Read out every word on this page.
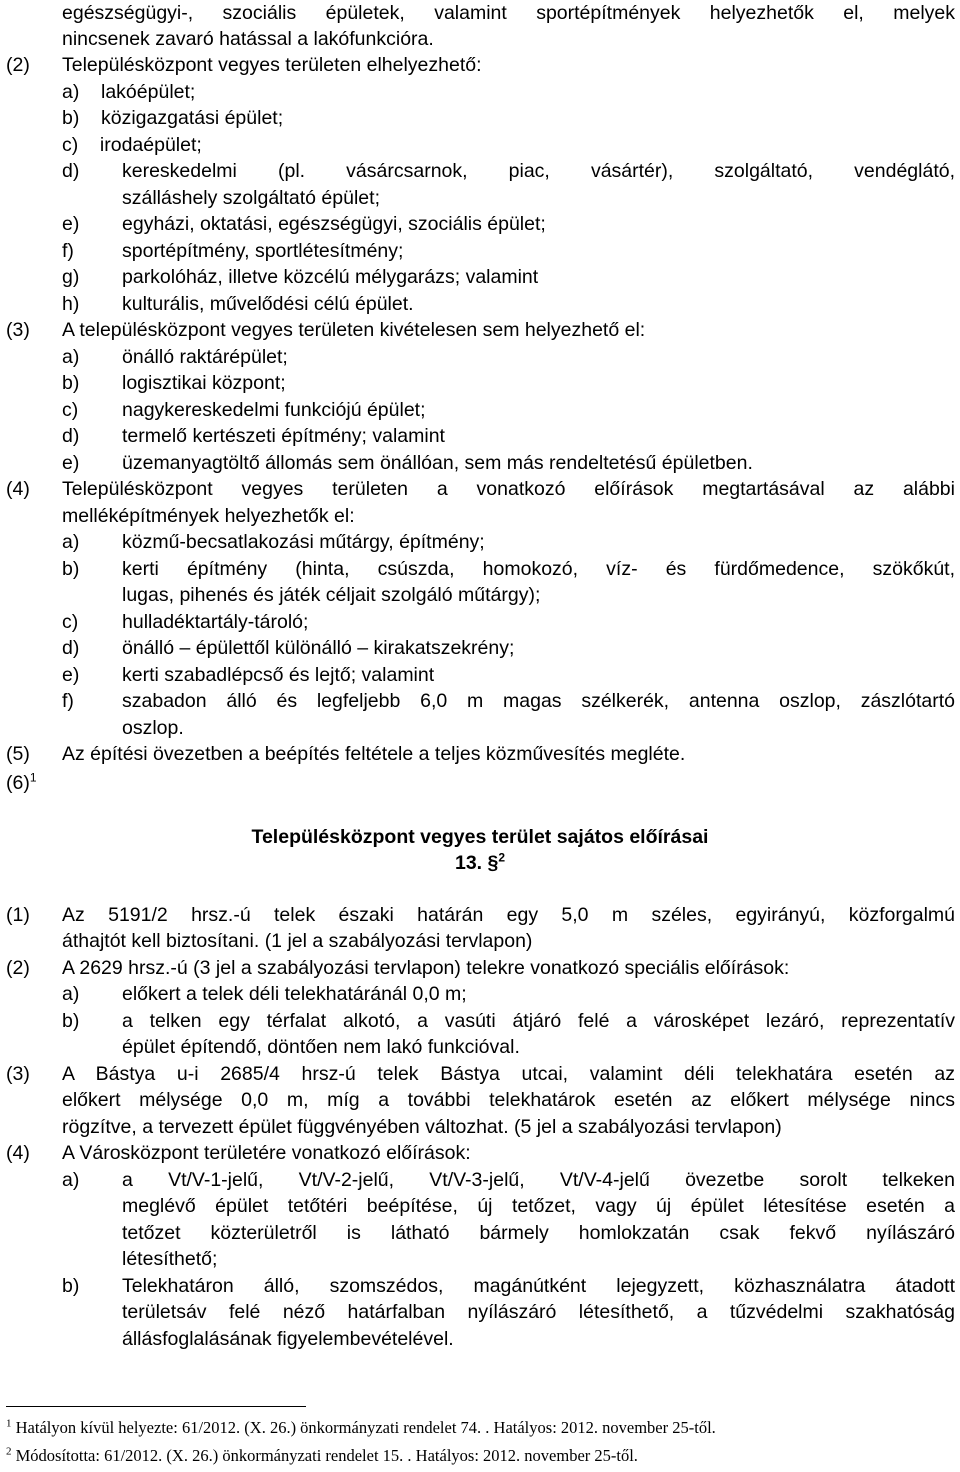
$(6)^1$
Településközpont vegyes terület sajátos előírásai
13. §$^2$
$^1$ Hatályon kívül helyezte: 61/2012. (X. 26.) önkormányzati rendelet 74. . Hatályos: 2012. november 25-től.
$^2$ Módosította: 61/2012. (X. 26.) önkormányzati rendelet 15. . Hatályos: 2012. november 25-től.
egészségügyi-, szociális épületek, valamint sportépítmények helyezhetők el, melyek
nincsenek zavaró hatással a lakófunkcióra.
(2) Településközpont vegyes területen elhelyezhető:
a)    lakóépület;
b)    közigazgatási épület;
c)    irodaépület;
d) kereskedelmi (pl. vásárcsarnok, piac, vásártér), szolgáltató, vendéglátó,
szálláshely szolgáltató épület;
e) egyházi, oktatási, egészségügyi, szociális épület;
f) sportépítmény, sportlétesítmény;
g) parkolóház, illetve közcélú mélygarázs; valamint
h) kulturális, művelődési célú épület.
(3) A településközpont vegyes területen kivételesen sem helyezhető el:
a) önálló raktárépület;
b) logisztikai központ;
c) nagykereskedelmi funkciójú épület;
d) termelő kertészeti építmény; valamint
e) üzemanyagtöltő állomás sem önállóan, sem más rendeltetésű épületben.
(4) Településközpont vegyes területen a vonatkozó előírások megtartásával az alábbi
melléképítmények helyezhetők el:
a) közmű-becsatlakozási műtárgy, építmény;
b) kerti építmény (hinta, csúszda, homokozó, víz- és fürdőmedence, szökőkút,
lugas, pihenés és játék céljait szolgáló műtárgy);
c) hulladéktartály-tároló;
d) önálló – épülettől különálló – kirakatszekrény;
e) kerti szabadlépcső és lejtő; valamint
f) szabadon álló és legfeljebb 6,0 m magas szélkerék, antenna oszlop, zászlótartó
oszlop.
(5) Az építési övezetben a beépítés feltétele a teljes közművesítés megléte.
(1) Az 5191/2 hrsz.-ú telek északi határán egy 5,0 m széles, egyirányú, közforgalmú
áthajtót kell biztosítani. (1 jel a szabályozási tervlapon)
(2) A 2629 hrsz.-ú (3 jel a szabályozási tervlapon) telekre vonatkozó speciális előírások:
a) előkert a telek déli telekhatáránál 0,0 m;
b) a telken egy térfalat alkotó, a vasúti átjáró felé a városképet lezáró, reprezentatív
épület építendő, döntően nem lakó funkcióval.
(3) A Bástya u-i 2685/4 hrsz-ú telek Bástya utcai, valamint déli telekhatára esetén az
előkert mélysége 0,0 m, míg a további telekhatárok esetén az előkert mélysége nincs
rögzítve, a tervezett épület függvényében változhat. (5 jel a szabályozási tervlapon)
(4) A Városközpont területére vonatkozó előírások:
a) a Vt/V-1-jelű, Vt/V-2-jelű, Vt/V-3-jelű, Vt/V-4-jelű övezetbe sorolt telkeken
meglévő épület tetőtéri beépítése, új tetőzet, vagy új épület létesítése esetén a
tetőzet közterületről is látható bármely homlokzatán csak fekvő nyílászáró
létesíthető;
b) Telekhatáron álló, szomszédos, magánútként lejegyzett, közhasználatra átadott
területsáv felé néző határfalban nyílászáró létesíthető, a tűzvédelmi szakhatóság
állásfoglalásának figyelembevételével.
